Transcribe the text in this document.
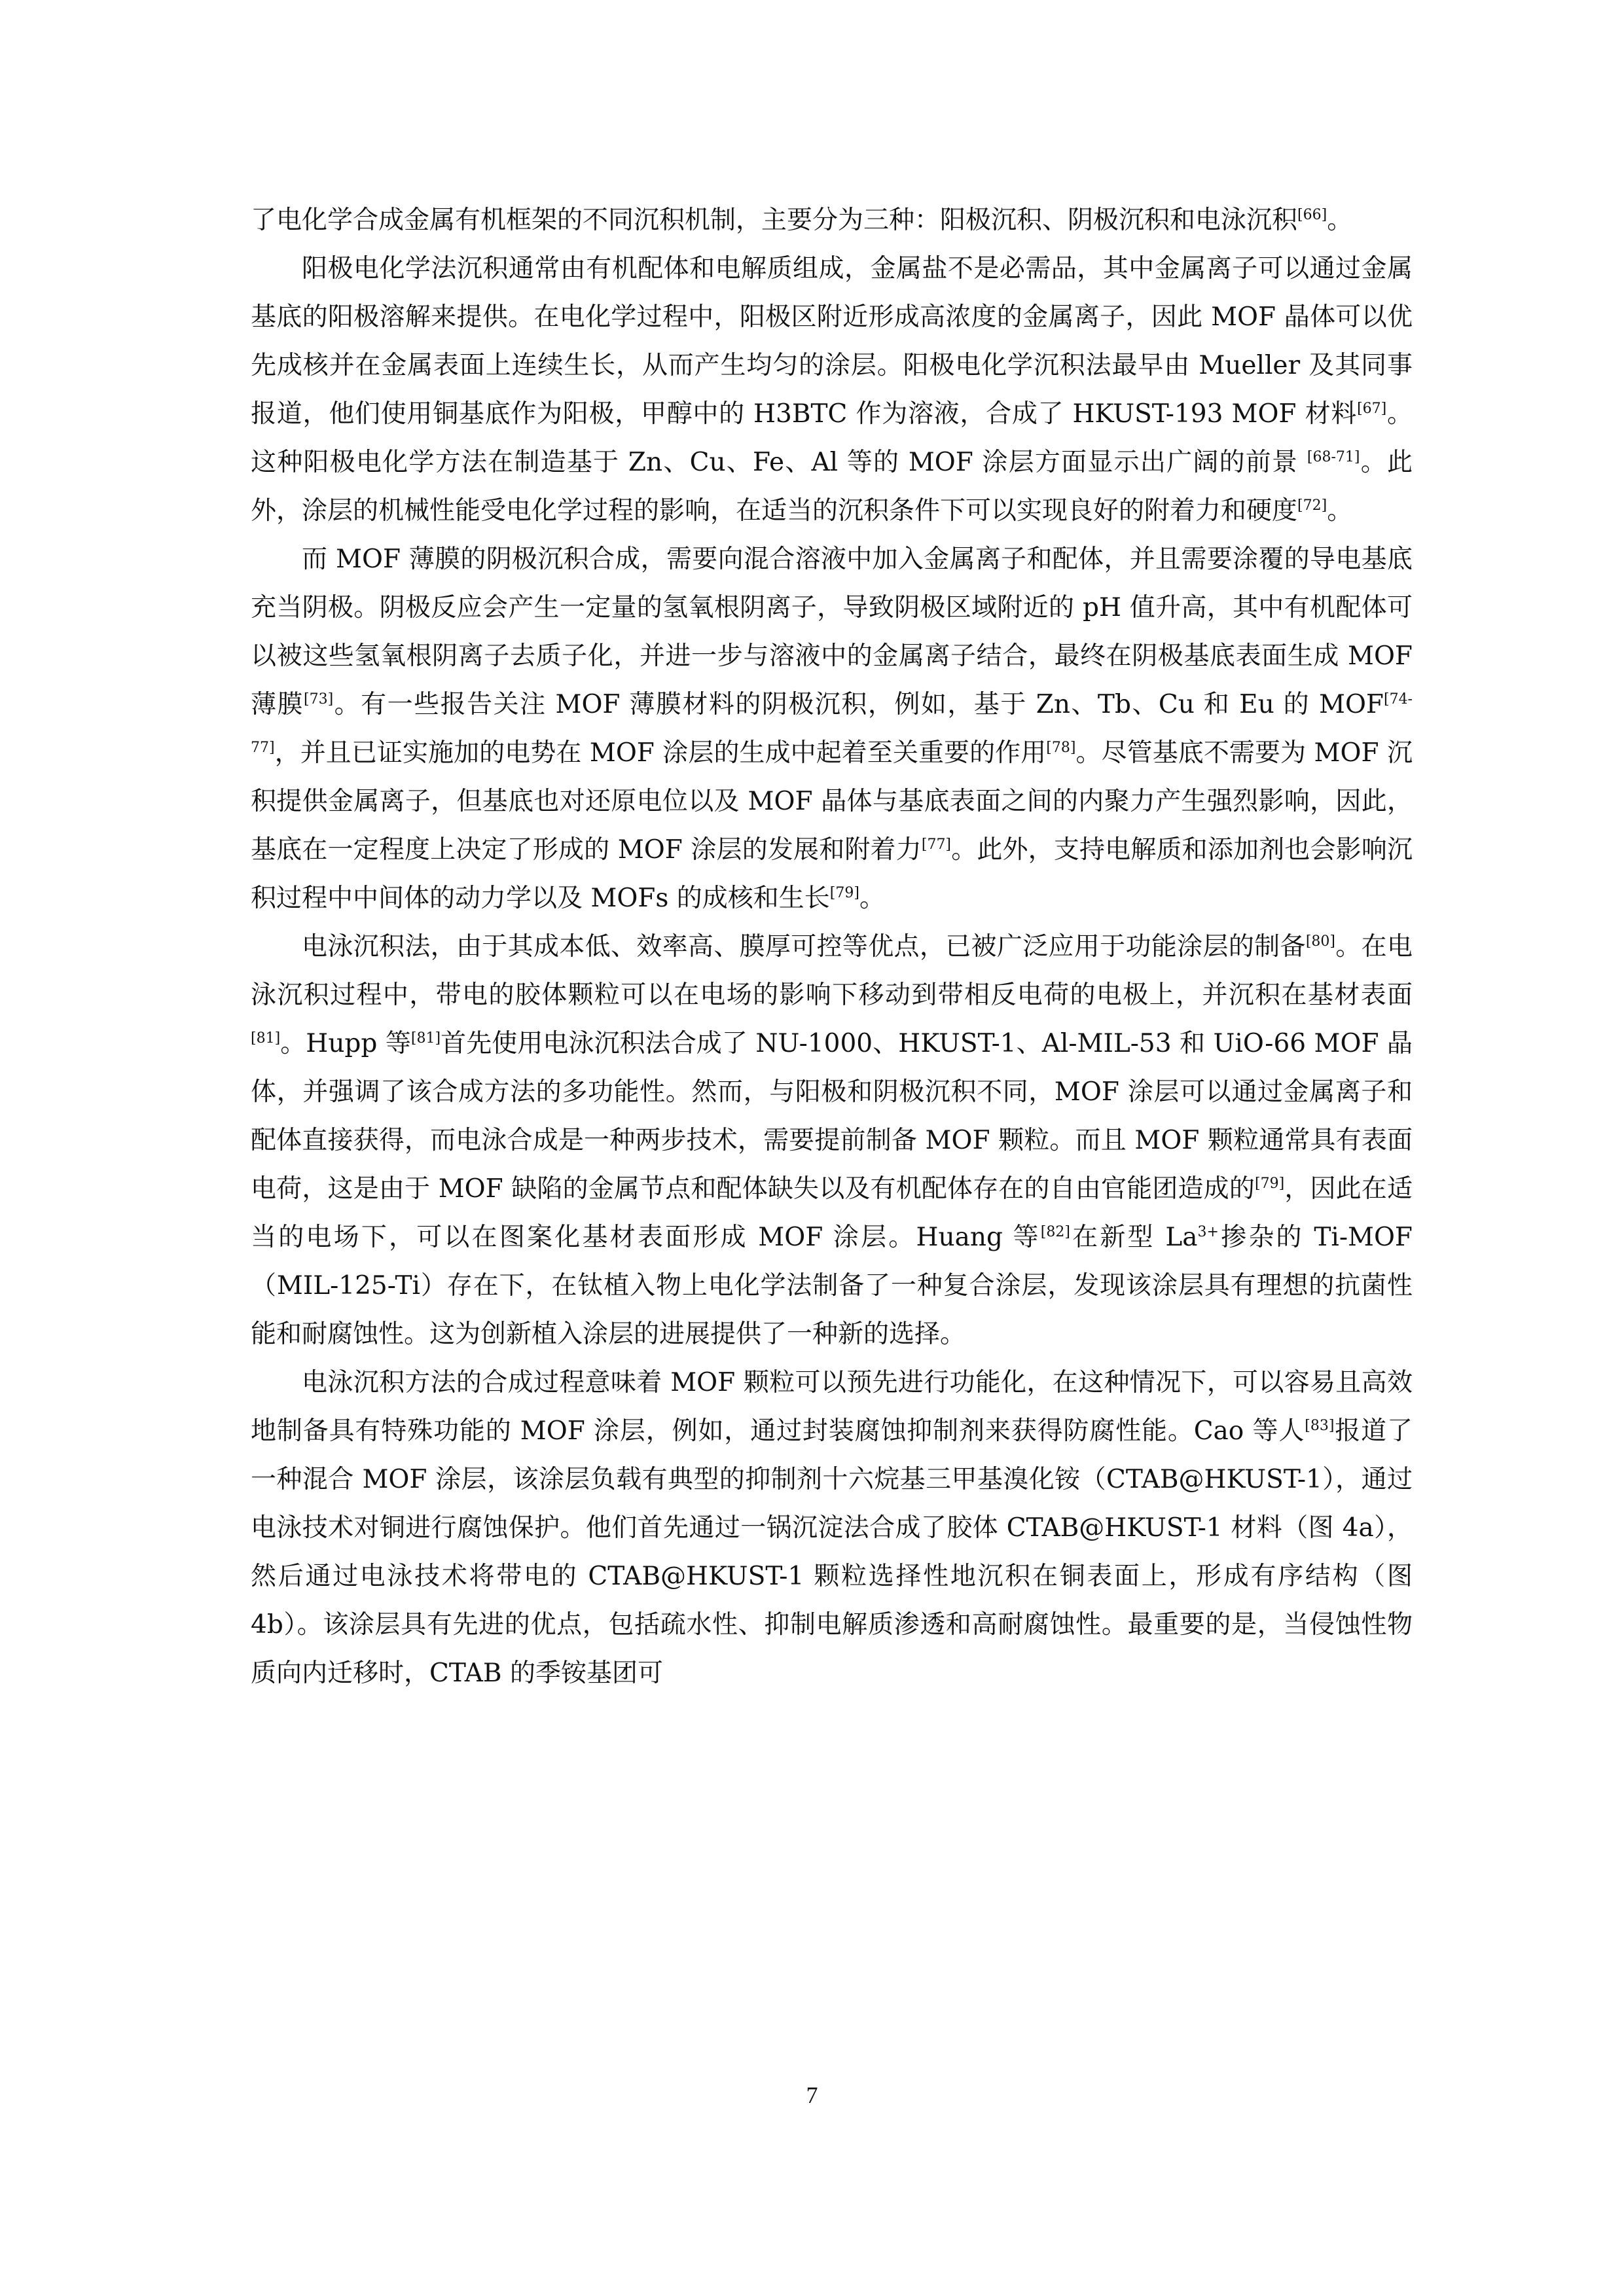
了电化学合成金属有机框架的不同沉积机制，主要分为三种：阳极沉积、阴极沉积和电泳沉积[66]。

阳极电化学法沉积通常由有机配体和电解质组成，金属盐不是必需品，其中金属离子可以通过金属基底的阳极溶解来提供。在电化学过程中，阳极区附近形成高浓度的金属离子，因此 MOF 晶体可以优先成核并在金属表面上连续生长，从而产生均匀的涂层。阳极电化学沉积法最早由 Mueller 及其同事报道，他们使用铜基底作为阳极，甲醇中的 H3BTC 作为溶液，合成了 HKUST-193 MOF 材料[67]。这种阳极电化学方法在制造基于 Zn、Cu、Fe、Al 等的 MOF 涂层方面显示出广阔的前景 [68-71]。此外，涂层的机械性能受电化学过程的影响，在适当的沉积条件下可以实现良好的附着力和硬度[72]。

而 MOF 薄膜的阴极沉积合成，需要向混合溶液中加入金属离子和配体，并且需要涂覆的导电基底充当阴极。阴极反应会产生一定量的氢氧根阴离子，导致阴极区域附近的 pH 值升高，其中有机配体可以被这些氢氧根阴离子去质子化，并进一步与溶液中的金属离子结合，最终在阴极基底表面生成 MOF 薄膜[73]。有一些报告关注 MOF 薄膜材料的阴极沉积，例如，基于 Zn、Tb、Cu 和 Eu 的 MOF[74-77]，并且已证实施加的电势在 MOF 涂层的生成中起着至关重要的作用[78]。尽管基底不需要为 MOF 沉积提供金属离子，但基底也对还原电位以及 MOF 晶体与基底表面之间的内聚力产生强烈影响，因此，基底在一定程度上决定了形成的 MOF 涂层的发展和附着力[77]。此外，支持电解质和添加剂也会影响沉积过程中中间体的动力学以及 MOFs 的成核和生长[79]。

电泳沉积法，由于其成本低、效率高、膜厚可控等优点，已被广泛应用于功能涂层的制备[80]。在电泳沉积过程中，带电的胶体颗粒可以在电场的影响下移动到带相反电荷的电极上，并沉积在基材表面[81]。Hupp 等[81]首先使用电泳沉积法合成了 NU-1000、HKUST-1、Al-MIL-53 和 UiO-66 MOF 晶体，并强调了该合成方法的多功能性。然而，与阳极和阴极沉积不同，MOF 涂层可以通过金属离子和配体直接获得，而电泳合成是一种两步技术，需要提前制备 MOF 颗粒。而且 MOF 颗粒通常具有表面电荷，这是由于 MOF 缺陷的金属节点和配体缺失以及有机配体存在的自由官能团造成的[79]，因此在适当的电场下，可以在图案化基材表面形成 MOF 涂层。Huang 等[82]在新型 $La^{3+}$掺杂的 Ti-MOF（MIL-125-Ti）存在下，在钛植入物上电化学法制备了一种复合涂层，发现该涂层具有理想的抗菌性能和耐腐蚀性。这为创新植入涂层的进展提供了一种新的选择。

电泳沉积方法的合成过程意味着 MOF 颗粒可以预先进行功能化，在这种情况下，可以容易且高效地制备具有特殊功能的 MOF 涂层，例如，通过封装腐蚀抑制剂来获得防腐性能。Cao 等人[83]报道了一种混合 MOF 涂层，该涂层负载有典型的抑制剂十六烷基三甲基溴化铵（CTAB@HKUST-1），通过电泳技术对铜进行腐蚀保护。他们首先通过一锅沉淀法合成了胶体 CTAB@HKUST-1 材料（图 4a），然后通过电泳技术将带电的 CTAB@HKUST-1 颗粒选择性地沉积在铜表面上，形成有序结构（图 4b）。该涂层具有先进的优点，包括疏水性、抑制电解质渗透和高耐腐蚀性。最重要的是，当侵蚀性物质向内迁移时，CTAB 的季铵基团可

7
